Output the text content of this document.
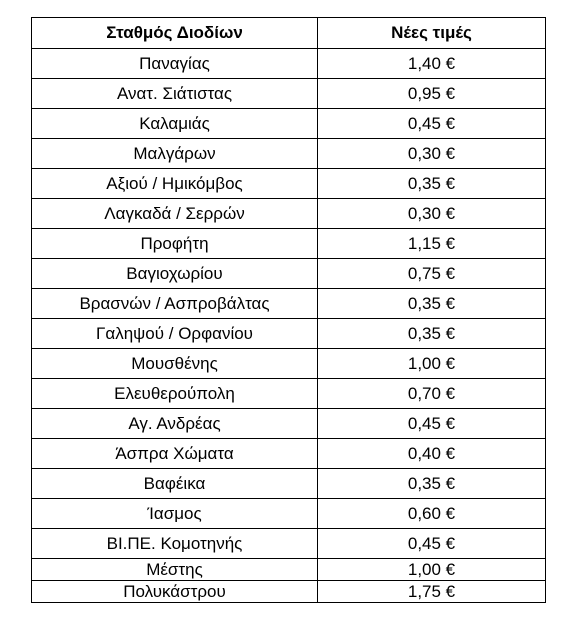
Σταθμός Διοδίων	Νέες τιμές
Παναγίας	1,40 €
Ανατ. Σιάτιστας	0,95 €
Καλαμιάς	0,45 €
Μαλγάρων	0,30 €
Αξιού / Ημικόμβος	0,35 €
Λαγκαδά / Σερρών	0,30 €
Προφήτη	1,15 €
Βαγιοχωρίου	0,75 €
Βρασνών / Ασπροβάλτας	0,35 €
Γαληψού / Ορφανίου	0,35 €
Μουσθένης	1,00 €
Ελευθερούπολη	0,70 €
Αγ. Ανδρέας	0,45 €
Άσπρα Χώματα	0,40 €
Βαφέικα	0,35 €
Ίασμος	0,60 €
ΒΙ.ΠΕ. Κομοτηνής	0,45 €
Μέστης	1,00 €
Πολυκάστρου	1,75 €
